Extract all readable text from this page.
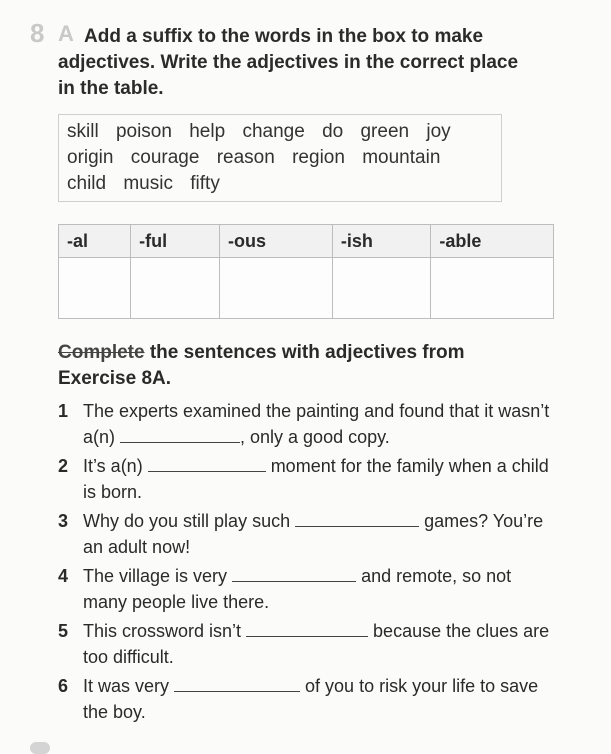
8 A Add a suffix to the words in the box to make
adjectives. Write the adjectives in the correct place
in the table.
skill poison help change do green joy
origin courage reason region mountain
child music fifty
-al	-ful	-ous	-ish	-able

Complete the sentences with adjectives from
Exercise 8A.
1 The experts examined the painting and found that it wasn’t a(n)	, only a good copy.
2 It’s a(n)	moment for the family when a child is born.
3 Why do you still play such	games? You’re an adult now!
4 The village is very	and remote, so not many people live there.
5 This crossword isn’t	because the clues are too difficult.
6 It was very	of you to risk your life to save the boy.
